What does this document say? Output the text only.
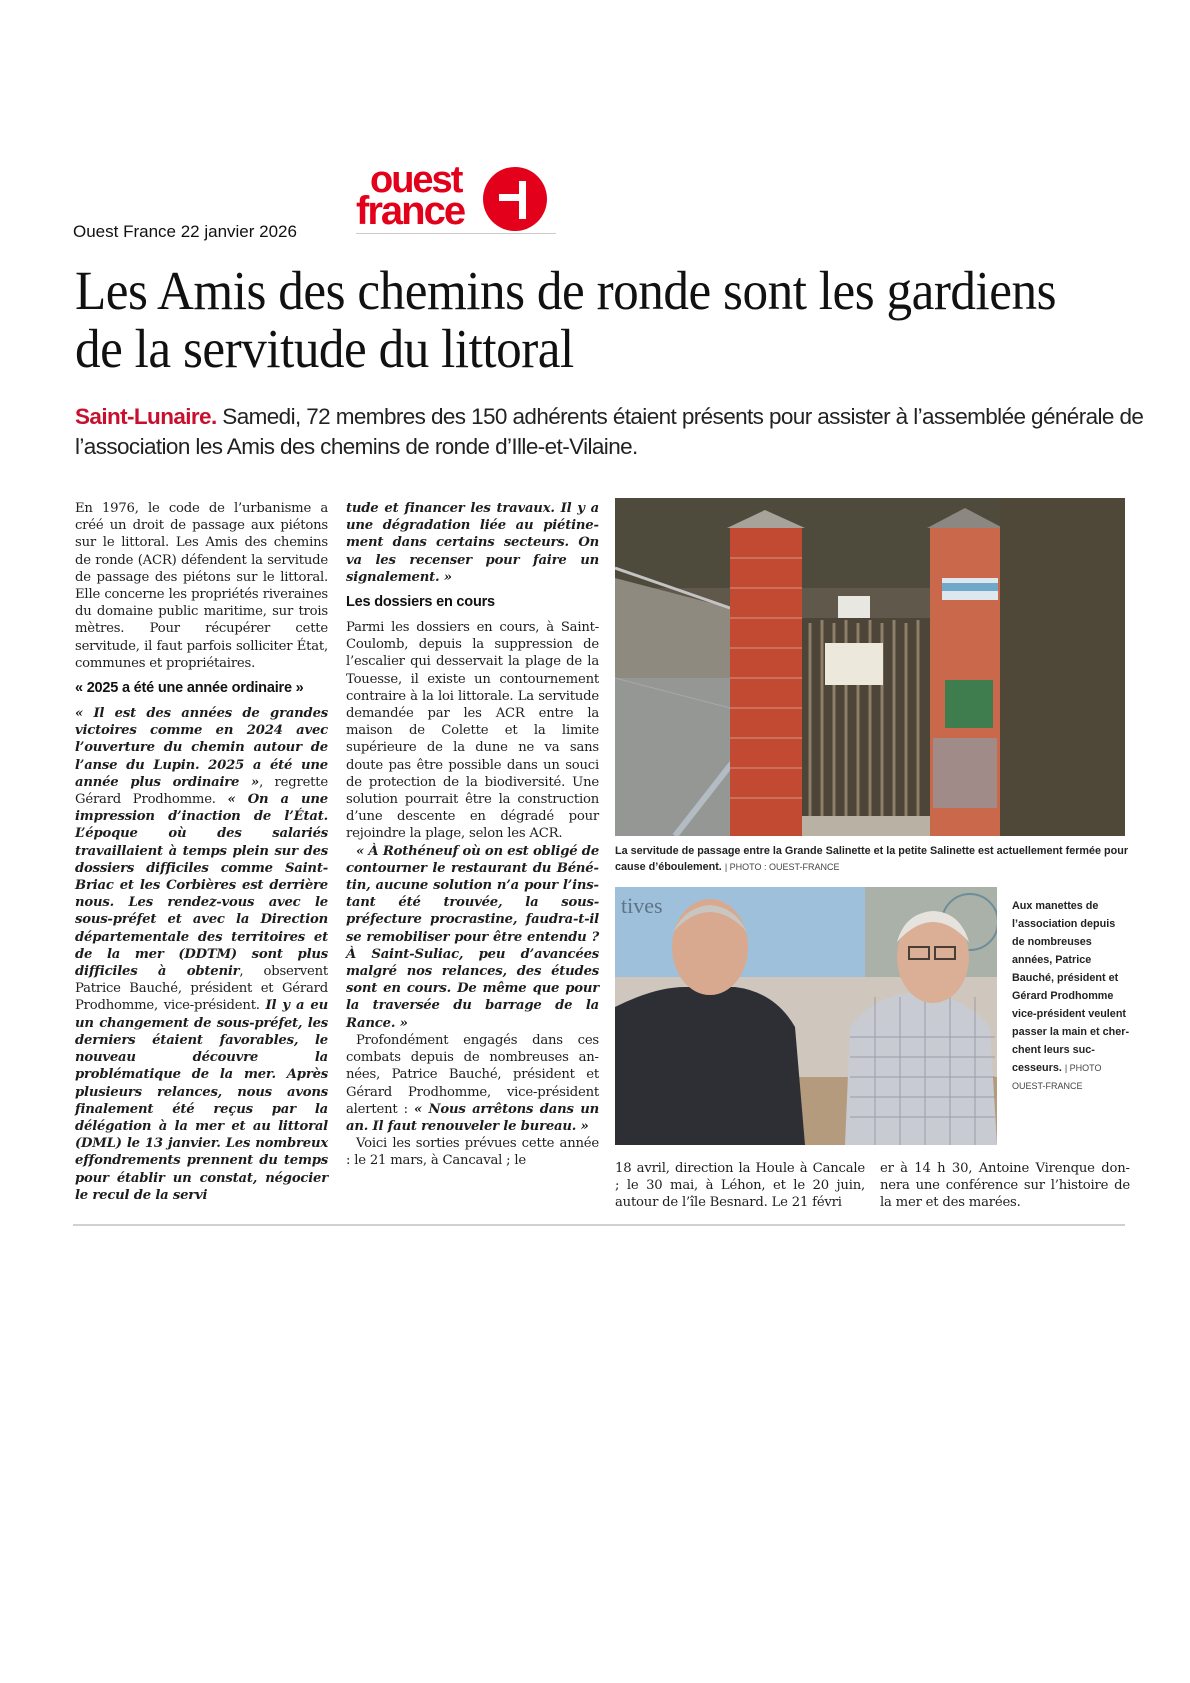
Ouest France 22 janvier 2026
ouest
france
Les Amis des chemins de ronde sont les gardiens de la servitude du littoral
Saint-Lunaire. Samedi, 72 membres des 150 adhérents étaient présents pour assister à l’assemblée générale de l’association les Amis des chemins de ronde d’Ille-et-Vilaine.

En 1976, le code de l’urbanisme a créé un droit de passage aux piétons sur le littoral. Les Amis des chemins de ronde (ACR) défendent la servitude de passage des piétons sur le littoral. Elle concerne les propriétés riveraines du domaine public maritime, sur trois mètres. Pour récupérer cette servitude, il faut parfois solliciter État, communes et propriétaires.

« 2025 a été une année ordinaire »

« Il est des années de grandes victoires comme en 2024 avec l’ouverture du chemin autour de l’anse du Lupin. 2025 a été une année plus ordinaire », regrette Gérard Prodhomme. « On a une impression d’inaction de l’État. L’époque où des salariés travaillaient à temps plein sur des dossiers difficiles comme Saint-Briac et les Corbières est derrière nous. Les rendez-vous avec le sous-préfet et avec la Direction départementale des territoires et de la mer (DDTM) sont plus difficiles à obtenir, observent Patrice Bauché, président et Gérard Prodhomme, vice-président. Il y a eu un changement de sous-préfet, les derniers étaient favorables, le nouveau découvre la problématique de la mer. Après plusieurs relances, nous avons finalement été reçus par la délégation à la mer et au littoral (DML) le 13 janvier. Les nombreux effondrements prennent du temps pour établir un constat, négocier le recul de la servi

tude et financer les travaux. Il y a une dégradation liée au piétinement dans certains secteurs. On va les recenser pour faire un signalement. »

Les dossiers en cours

Parmi les dossiers en cours, à Saint-Coulomb, depuis la suppression de l’escalier qui desservait la plage de la Touesse, il existe un contournement contraire à la loi littorale. La servitude demandée par les ACR entre la maison de Colette et la limite supérieure de la dune ne va sans doute pas être possible dans un souci de protection de la biodiversité. Une solution pourrait être la construction d’une descente en dégradé pour rejoindre la plage, selon les ACR.

« À Rothéneuf où on est obligé de contourner le restaurant du Bénétin, aucune solution n’a pour l’instant été trouvée, la sous-préfecture procrastine, faudra-t-il se remobiliser pour être entendu ? À Saint-Suliac, peu d’avancées malgré nos relances, des études sont en cours. De même que pour la traversée du barrage de la Rance. »

Profondément engagés dans ces combats depuis de nombreuses années, Patrice Bauché, président et Gérard Prodhomme, vice-président alertent : « Nous arrêtons dans un an. Il faut renouveler le bureau. »

Voici les sorties prévues cette année : le 21 mars, à Cancaval ; le

La servitude de passage entre la Grande Salinette et la petite Salinette est actuellement fermée pour cause d’éboulement. | PHOTO : OUEST-FRANCE
tives	Aux manettes de l’association depuis de nombreuses années, Patrice Bauché, président et Gérard Prodhomme vice-président veulent passer la main et cherchent leurs successeurs. | PHOTO OUEST-FRANCE

18 avril, direction la Houle à Cancale ; le 30 mai, à Léhon, et le 20 juin, autour de l’île Besnard. Le 21 févri

er à 14 h 30, Antoine Virenque donnera une conférence sur l’histoire de la mer et des marées.
